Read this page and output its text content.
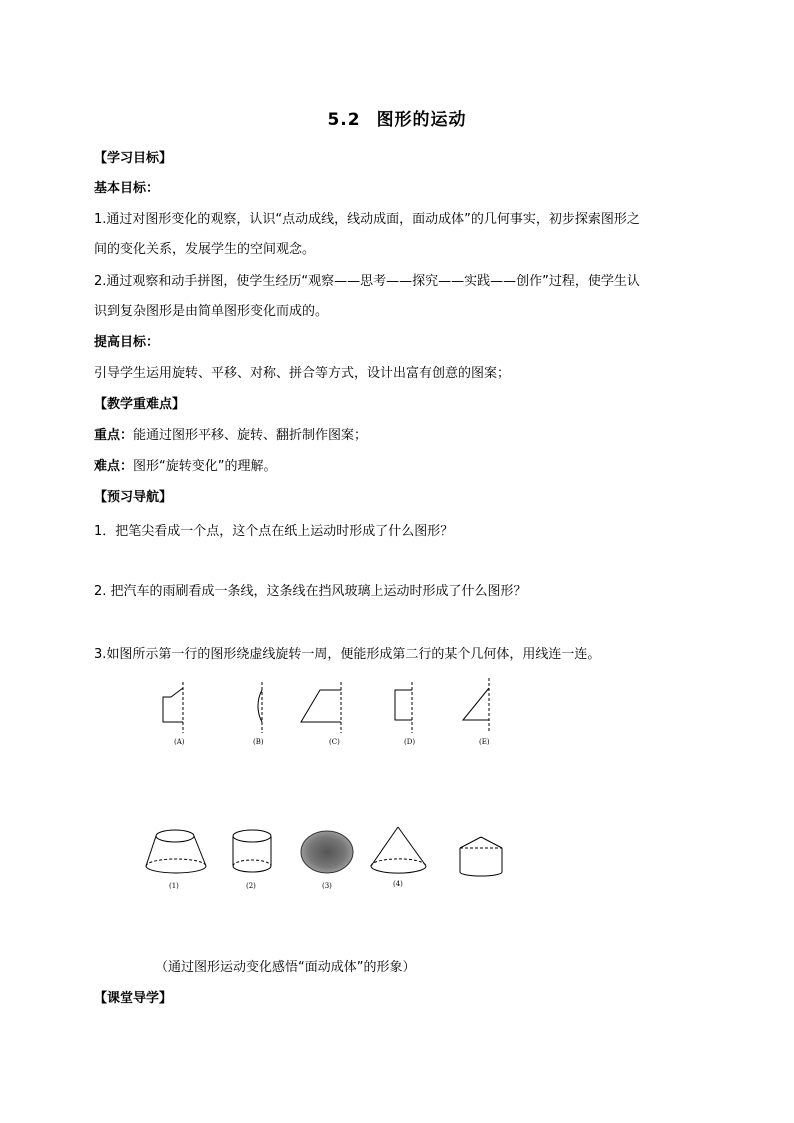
5.2 图形的运动
【学习目标】
基本目标：
1.通过对图形变化的观察，认识“点动成线，线动成面，面动成体”的几何事实，初步探索图形之
间的变化关系，发展学生的空间观念。
2.通过观察和动手拼图，使学生经历“观察——思考——探究——实践——创作”过程，使学生认
识到复杂图形是由简单图形变化而成的。
提高目标：
引导学生运用旋转、平移、对称、拼合等方式，设计出富有创意的图案；
【教学重难点】
重点：能通过图形平移、旋转、翻折制作图案；
难点：图形“旋转变化”的理解。
【预习导航】
1．把笔尖看成一个点，这个点在纸上运动时形成了什么图形？
2. 把汽车的雨刷看成一条线，这条线在挡风玻璃上运动时形成了什么图形？
3.如图所示第一行的图形绕虚线旋转一周，便能形成第二行的某个几何体，用线连一连。
(A)	(B)	(C)	(D)	(E)
(1)	(2)	(3)	(4)
（通过图形运动变化感悟“面动成体”的形象）
【课堂导学】
